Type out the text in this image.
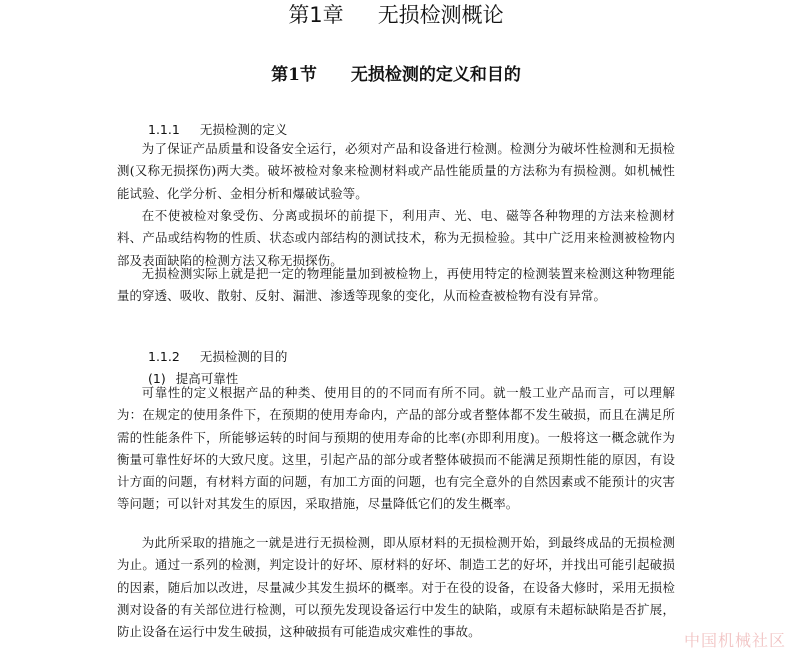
第1章 无损检测概论
第1节 无损检测的定义和目的
1.1.1 无损检测的定义

为了保证产品质量和设备安全运行，必须对产品和设备进行检测。检测分为破坏性检测和无损检测(又称无损探伤)两大类。破坏被检对象来检测材料或产品性能质量的方法称为有损检测。如机械性能试验、化学分析、金相分析和爆破试验等。

在不使被检对象受伤、分离或损坏的前提下，利用声、光、电、磁等各种物理的方法来检测材料、产品或结构物的性质、状态或内部结构的测试技术，称为无损检验。其中广泛用来检测被检物内部及表面缺陷的检测方法又称无损探伤。

无损检测实际上就是把一定的物理能量加到被检物上，再使用特定的检测装置来检测这种物理能量的穿透、吸收、散射、反射、漏泄、渗透等现象的变化，从而检查被检物有没有异常。

1.1.2 无损检测的目的
(1) 提高可靠性

可靠性的定义根据产品的种类、使用目的的不同而有所不同。就一般工业产品而言，可以理解为：在规定的使用条件下，在预期的使用寿命内，产品的部分或者整体都不发生破损，而且在满足所需的性能条件下，所能够运转的时间与预期的使用寿命的比率(亦即利用度)。一般将这一概念就作为衡量可靠性好坏的大致尺度。这里，引起产品的部分或者整体破损而不能满足预期性能的原因，有设计方面的问题，有材料方面的问题，有加工方面的问题，也有完全意外的自然因素或不能预计的灾害等问题；可以针对其发生的原因，采取措施，尽量降低它们的发生概率。

为此所采取的措施之一就是进行无损检测，即从原材料的无损检测开始，到最终成品的无损检测为止。通过一系列的检测，判定设计的好坏、原材料的好坏、制造工艺的好坏，并找出可能引起破损的因素，随后加以改进，尽量减少其发生损坏的概率。对于在役的设备，在设备大修时，采用无损检测对设备的有关部位进行检测，可以预先发现设备运行中发生的缺陷，或原有未超标缺陷是否扩展，防止设备在运行中发生破损，这种破损有可能造成灾难性的事故。	中国机械社区
